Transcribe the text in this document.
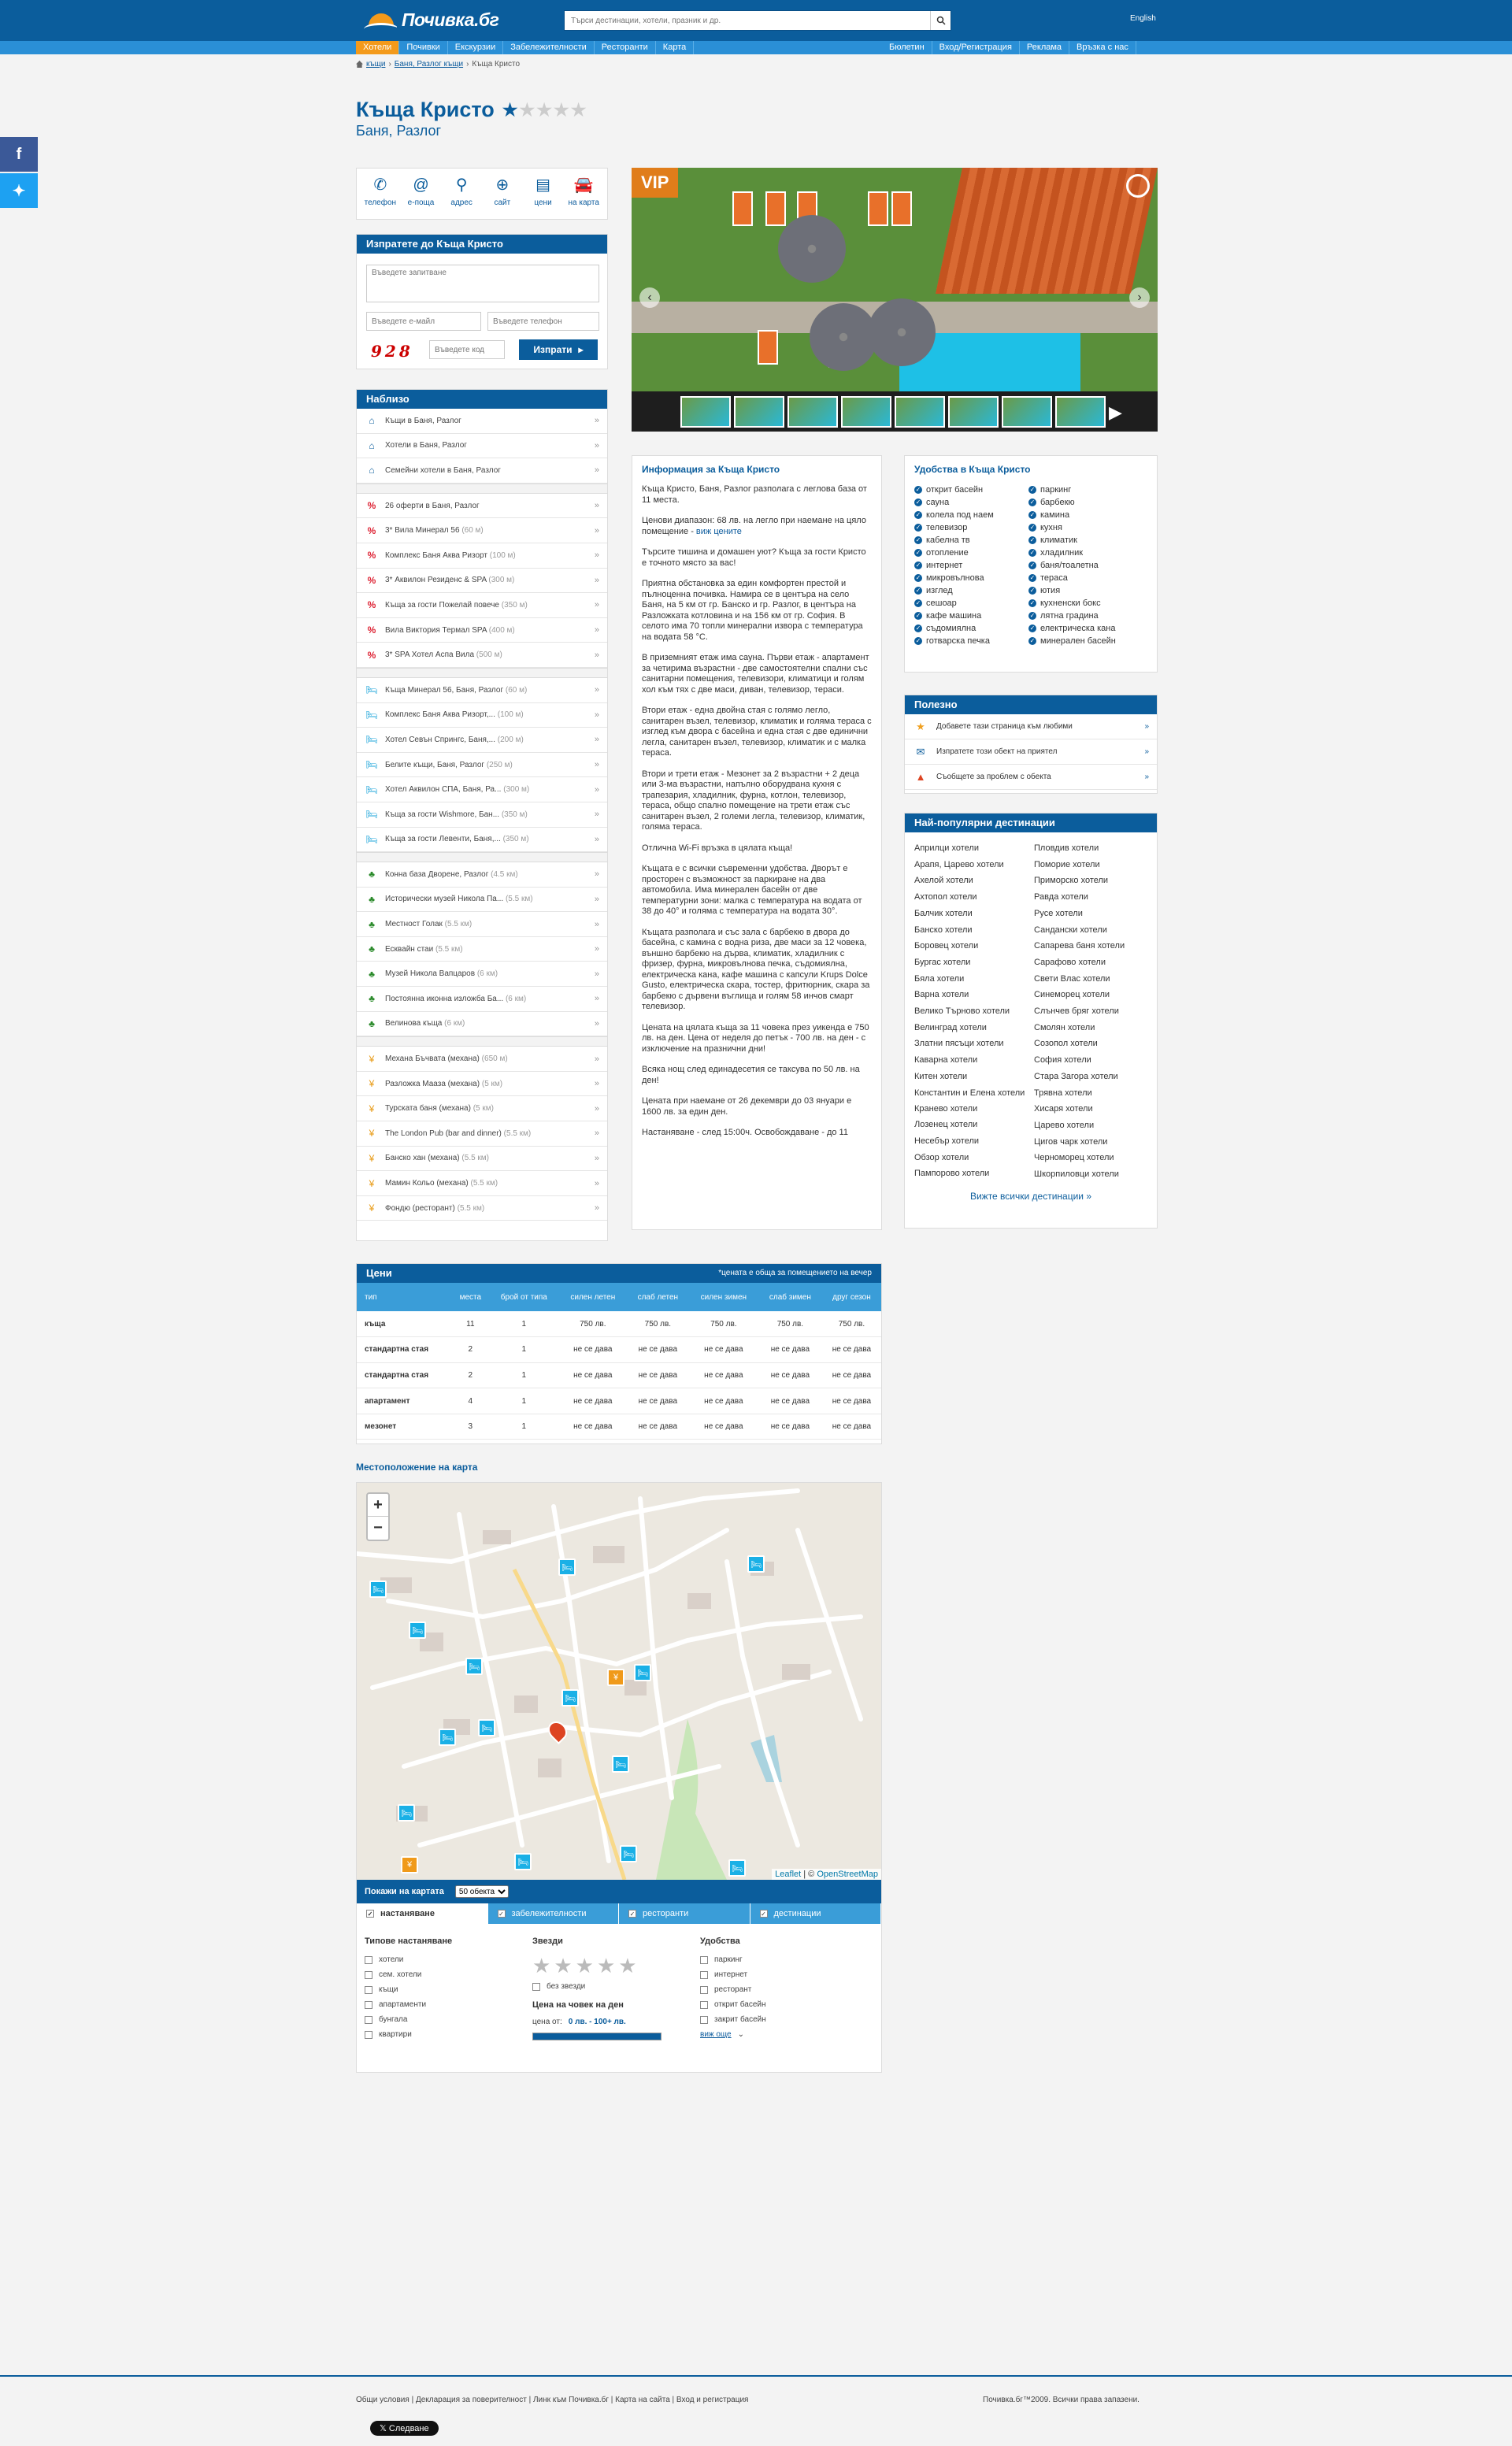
f
✦
Почивка.бг
Търси дестинации, хотели, празник и др.	English
Хотели	Почивки	Екскурзии	Забележителности	Ресторанти	Карта	Бюлетин	Вход/Регистрация	Реклама	Връзка с нас
къщи › Баня, Разлог къщи › Къща Кристо
Къща Кристо ★ ★ ★ ★ ★
Баня, Разлог
✆
телефон
@
е-поща
⚲
адрес
⊕
сайт
▤
цени
🚘
на карта
Изпратете до Къща Кристо
Въведете запитване
Въведете е-майл
Въведете телефон
928
Въведете код	Изпрати ▸
Наблизо
⌂	Къщи в Баня, Разлог	»
⌂	Хотели в Баня, Разлог	»
⌂	Семейни хотели в Баня, Разлог	»
%	26 оферти в Баня, Разлог	»
%	3* Вила Минерал 56 (60 м)	»
%	Комплекс Баня Аква Ризорт (100 м)	»
%	3* Аквилон Резиденс & SPA (300 м)	»
%	Къща за гости Пожелай повече (350 м)	»
%	Вила Виктория Термал SPA (400 м)	»
%	3* SPA Хотел Аспа Вила (500 м)	»
🛏 Къща Минерал 56, Баня, Разлог (60 м)	»
🛏 Комплекс Баня Аква Ризорт,... (100 м)	»
🛏 Хотел Севън Спрингс, Баня,... (200 м)	»
🛏 Белите къщи, Баня, Разлог (250 м)	»
🛏 Хотел Аквилон СПА, Баня, Ра... (300 м)	»
🛏 Къща за гости Wishmore, Бан... (350 м)	»
🛏 Къща за гости Левенти, Баня,... (350 м)	»
♣	Конна база Дворене, Разлог (4.5 км)	»
♣	Исторически музей Никола Па... (5.5 км)	»
♣	Местност Голак (5.5 км)	»
♣	Есквайн стаи (5.5 км)	»
♣	Музей Никола Вапцаров (6 км)	»
♣	Постоянна иконна изложба Ба... (6 км)	»
♣	Велинова къща (6 км)	»
¥	Механа Бъчвата (механа) (650 м)	»
¥	Разложка Мааза (механа) (5 км)	»
¥	Турската баня (механа) (5 км)	»
¥	The London Pub (bar and dinner) (5.5 км)	»
¥	Банско хан (механа) (5.5 км)	»
¥	Мамин Кольо (механа) (5.5 км)	»
¥	Фондю (ресторант) (5.5 км)	»
VIP
‹	›
▶
Информация за Къща Кристо

Къща Кристо, Баня, Разлог разполага с леглова база от 11 места.

Ценови диапазон: 68 лв. на легло при наемане на цяло помещение - виж цените

Търсите тишина и домашен уют? Къща за гости Кристо е точното място за вас!

Приятна обстановка за един комфортен престой и пълноценна почивка. Намира се в центъра на село Баня, на 5 км от гр. Банско и гр. Разлог, в центъра на Разложката котловина и на 156 км от гр. София. В селото има 70 топли минерални извора с температура на водата 58 °C.

В приземният етаж има сауна. Първи етаж - апартамент за четирима възрастни - две самостоятелни спални със санитарни помещения, телевизори, климатици и голям хол към тях с две маси, диван, телевизор, тераси.

Втори етаж - една двойна стая с голямо легло, санитарен възел, телевизор, климатик и голяма тераса с изглед към двора с басейна и една стая с две единични легла, санитарен възел, телевизор, климатик и с малка тераса.

Втори и трети етаж - Мезонет за 2 възрастни + 2 деца или 3-ма възрастни, напълно оборудвана кухня с трапезария, хладилник, фурна, котлон, телевизор, тераса, общо спално помещение на трети етаж със санитарен възел, 2 големи легла, телевизор, климатик, голяма тераса.

Отлична Wi-Fi връзка в цялата къща!

Къщата е с всички съвременни удобства. Дворът е просторен с възможност за паркиране на два автомобила. Има минерален басейн от две температурни зони: малка с температура на водата от 38 до 40° и голяма с температура на водата 30°.

Къщата разполага и със зала с барбекю в двора до басейна, с камина с водна риза, две маси за 12 човека, външно барбекю на дърва, климатик, хладилник с фризер, фурна, микровълнова печка, съдомиялна, електрическа кана, кафе машина с капсули Krups Dolce Gusto, електрическа скара, тостер, фритюрник, скара за барбекю с дървени въглища и голям 58 инчов смарт телевизор.

Цената на цялата къща за 11 човека през уикенда е 750 лв. на ден. Цена от неделя до петък - 700 лв. на ден - с изключение на празнични дни!

Всяка нощ след единадесетия се таксува по 50 лв. на ден!

Цената при наемане от 26 декември до 03 януари е 1600 лв. за един ден.

Настаняване - след 15:00ч. Освобождаване - до 11

Удобства в Къща Кристо
✓ открит басейн	✓ паркинг
✓ сауна	✓ барбекю
✓ колела под наем	✓ камина
✓ телевизор	✓ кухня
✓ кабелна тв	✓ климатик
✓ отопление	✓ хладилник
✓ интернет	✓ баня/тоалетна
✓ микровълнова	✓ тераса
✓ изглед	✓ ютия
✓ сешоар	✓ кухненски бокс
✓ кафе машина	✓ лятна градина
✓ съдомиялна	✓ електрическа кана
✓ готварска печка	✓ минерален басейн
Полезно
★	Добавете тази страница към любими	»
✉	Изпратете този обект на приятел	»
▲	Съобщете за проблем с обекта	»
Най-популярни дестинации
Априлци хотели
Арапя, Царево хотели
Ахелой хотели
Ахтопол хотели
Балчик хотели
Банско хотели
Боровец хотели
Бургас хотели
Бяла хотели
Варна хотели
Велико Търново хотели
Велинград хотели
Златни пясъци хотели
Каварна хотели
Китен хотели
Константин и Елена хотели
Кранево хотели
Лозенец хотели
Несебър хотели
Обзор хотели
Пампорово хотели
Пловдив хотели
Поморие хотели
Приморско хотели
Равда хотели
Русе хотели
Сандански хотели
Сапарева баня хотели
Сарафово хотели
Свети Влас хотели
Синеморец хотели
Слънчев бряг хотели
Смолян хотели
Созопол хотели
София хотели
Стара Загора хотели
Трявна хотели
Хисаря хотели
Царево хотели
Цигов чарк хотели
Черноморец хотели
Шкорпиловци хотели
Вижте всички дестинации »
Цени	*цената е обща за помещението на вечер
тип	места	брой от типа	силен летен	слаб летен	силен зимен	слаб зимен	друг сезон
къща	11	1	750 лв.	750 лв.	750 лв.	750 лв.	750 лв.
стандартна стая	2	1	не се дава	не се дава	не се дава	не се дава	не се дава
стандартна стая	2	1	не се дава	не се дава	не се дава	не се дава	не се дава
апартамент	4	1	не се дава	не се дава	не се дава	не се дава	не се дава
мезонет	3	1	не се дава	не се дава	не се дава	не се дава	не се дава
Местоположение на карта
+
−
🛏	🛏
🛏
🛏
🛏
🛏
🛏
¥
🛏
🛏
🛏
🛏
¥	🛏
🛏
🛏
Leaflet | © OpenStreetMap
Покажи на картата
50 обекта
✓ настаняване	✓ забележителности	✓ ресторанти	✓ дестинации
Типове настаняване
хотели
сем. хотели
къщи
апартаменти
бунгала
квартири
Звезди
★ ★ ★ ★ ★
без звезди
Цена на човек на ден
цена от: 0 лв. - 100+ лв.
Удобства
паркинг
интернет
ресторант
открит басейн
закрит басейн
виж още ⌄
Общи условия | Декларация за поверителност | Линк към Почивка.бг | Карта на сайта | Вход и регистрация	Почивка.бг™2009. Всички права запазени.
𝕏 Следване
